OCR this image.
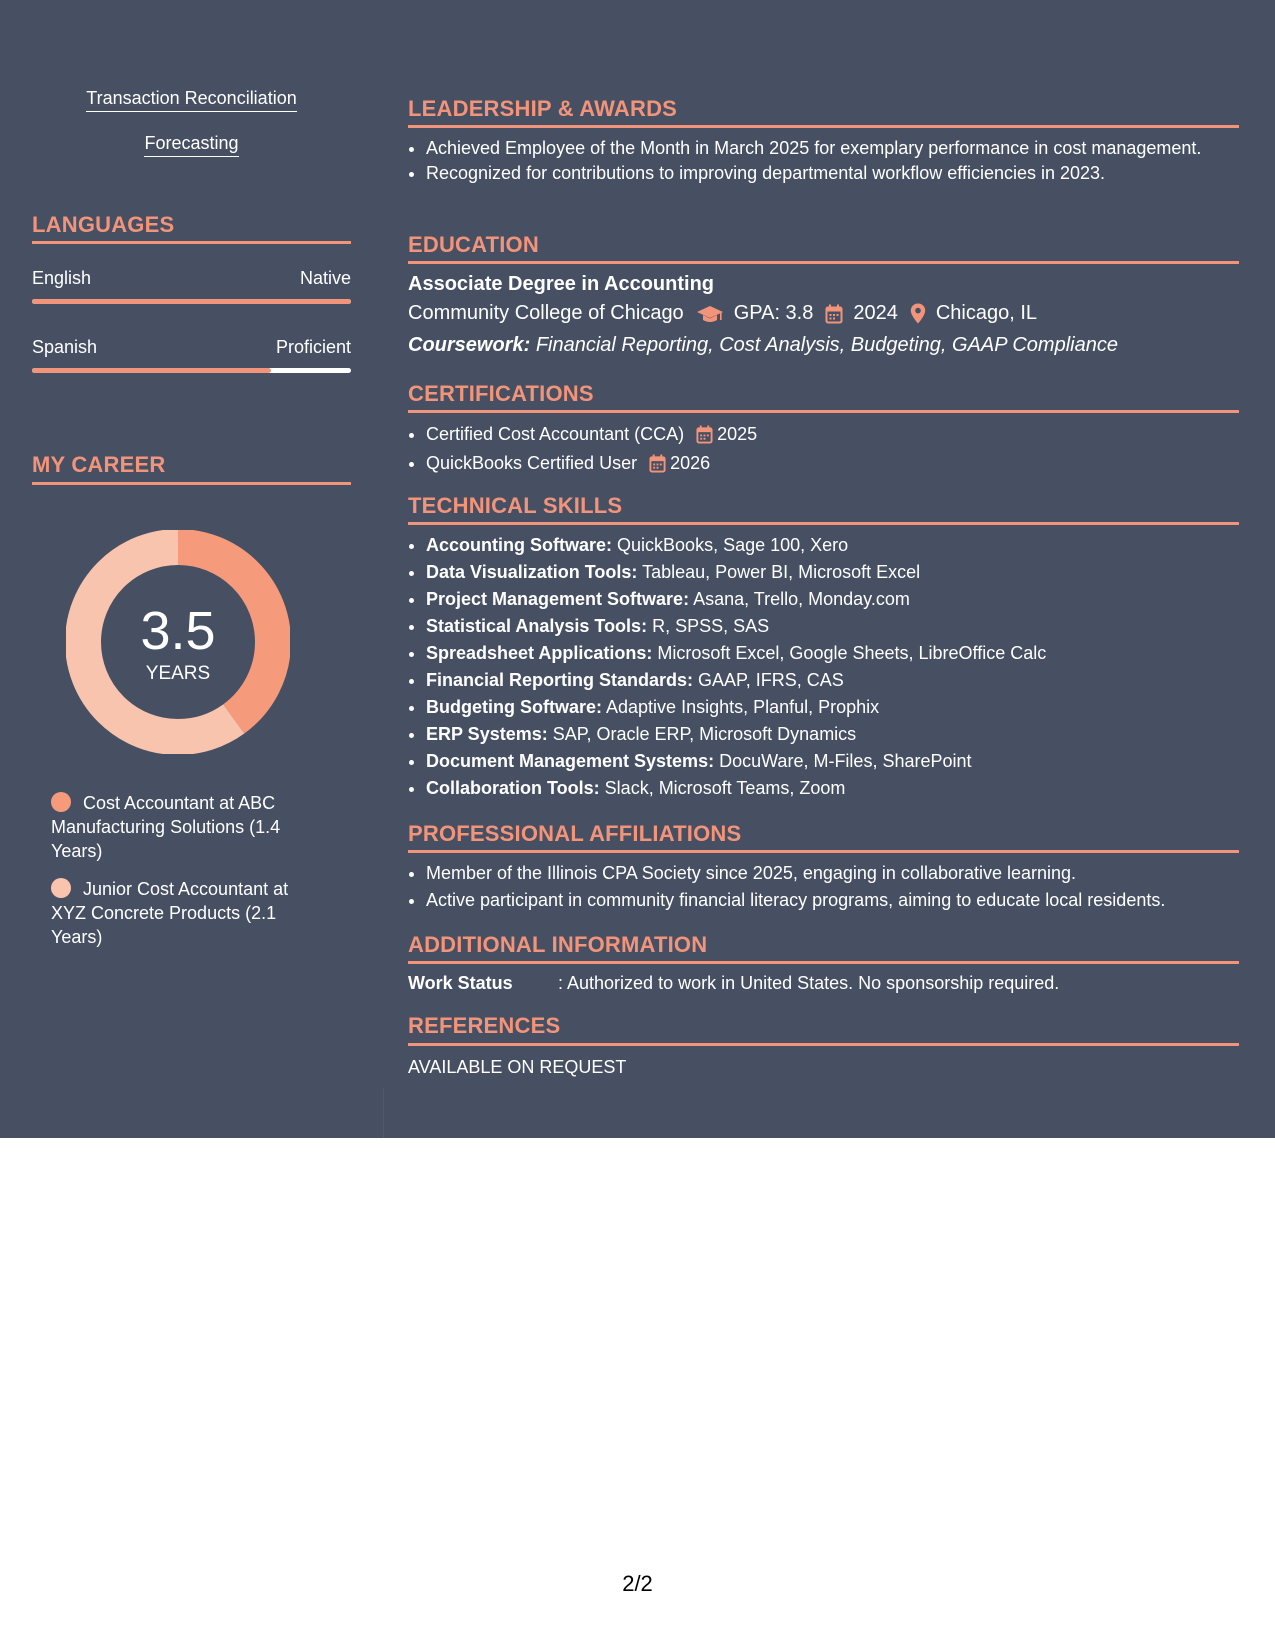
Transaction Reconciliation
Forecasting
LANGUAGES
English	Native
Spanish	Proficient
MY CAREER
3.5
YEARS
Cost Accountant at ABC Manufacturing Solutions (1.4 Years)
Junior Cost Accountant at XYZ Concrete Products (2.1 Years)
LEADERSHIP & AWARDS
• Achieved Employee of the Month in March 2025 for exemplary performance in cost management.
• Recognized for contributions to improving departmental workflow efficiencies in 2023.
EDUCATION
Associate Degree in Accounting
Community College of Chicago	GPA: 3.8 2024 Chicago, IL
Coursework: Financial Reporting, Cost Analysis, Budgeting, GAAP Compliance
CERTIFICATIONS
• Certified Cost Accountant (CCA) 2025
• QuickBooks Certified User 2026
TECHNICAL SKILLS
• Accounting Software: QuickBooks, Sage 100, Xero
• Data Visualization Tools: Tableau, Power BI, Microsoft Excel
• Project Management Software: Asana, Trello, Monday.com
• Statistical Analysis Tools: R, SPSS, SAS
• Spreadsheet Applications: Microsoft Excel, Google Sheets, LibreOffice Calc
• Financial Reporting Standards: GAAP, IFRS, CAS
• Budgeting Software: Adaptive Insights, Planful, Prophix
• ERP Systems: SAP, Oracle ERP, Microsoft Dynamics
• Document Management Systems: DocuWare, M-Files, SharePoint
• Collaboration Tools: Slack, Microsoft Teams, Zoom
PROFESSIONAL AFFILIATIONS
• Member of the Illinois CPA Society since 2025, engaging in collaborative learning.
• Active participant in community financial literacy programs, aiming to educate local residents.
ADDITIONAL INFORMATION
Work Status	: Authorized to work in United States. No sponsorship required.
REFERENCES
AVAILABLE ON REQUEST
2/2
